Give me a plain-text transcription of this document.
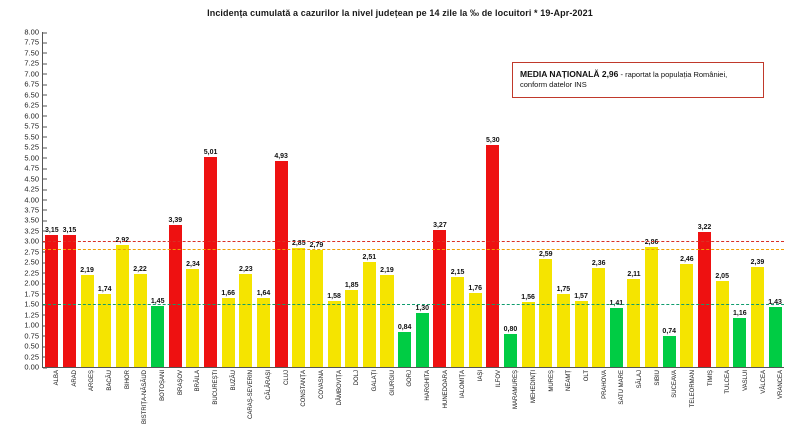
Incidența cumulată a cazurilor la nivel județean pe 14 zile la ‰ de locuitori * 19-Apr-2021
8.00
7.75
7.50
7.25
7.00
6.75
6.50
6.25
6.00
5.75
5.50
5.25
5.00
4.75
4.50
4.25
4.00
3.75
3.50
3.25
3.00
2.75
2.50
2.25
2.00
1.75
1.50
1.25
1.00
0.75
0.50
0.25
0.00
3,15 3,15
2,19
1,74
2,92
2,22
1,45
3,39
2,34
5,01
1,66
2,23
1,64
4,93
2,85 2,79
1,58
1,85
2,51
2,19
0,84
1,30
3,27
2,15
1,76
5,30
0,80
1,56
2,59
1,75
1,57
2,36
1,41
2,11
2,86
0,74
2,46
3,22
2,05
1,16
2,39
1,43
ALBA ARAD ARGEȘ BACĂU BIHOR BISTRIȚA-NĂSĂUD BOTOȘANI BRAȘOV BRĂILA BUCUREȘTI BUZĂU CARAȘ-SEVERIN CĂLĂRAȘI CLUJ CONSTANȚA COVASNA DÂMBOVIȚA DOLJ GALAȚI GIURGIU GORJ HARGHITA HUNEDOARA IALOMIȚA IAȘI ILFOV MARAMUREȘ MEHEDINȚI MUREȘ NEAMȚ OLT PRAHOVA SATU MARE SĂLAJ SIBIU SUCEAVA TELEORMAN TIMIȘ TULCEA VASLUI VÂLCEA VRANCEA
MEDIA NAȚIONALĂ 2,96 - raportat la populația României, conform datelor INS
